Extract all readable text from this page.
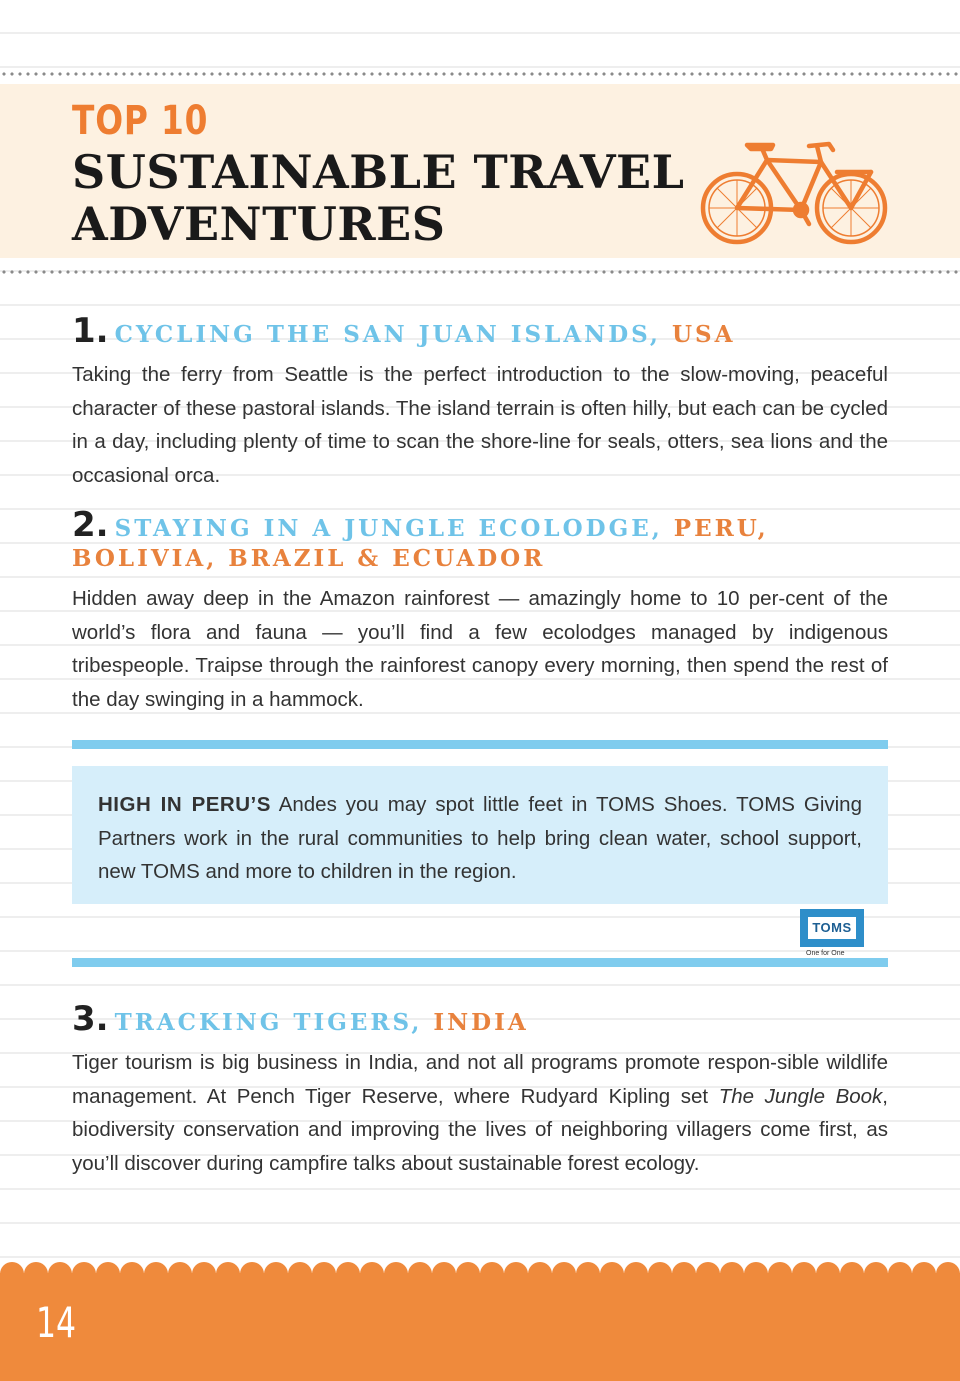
TOP 10
SUSTAINABLE TRAVEL
ADVENTURES
1. CYCLING THE SAN JUAN ISLANDS, USA

Taking the ferry from Seattle is the perfect introduction to the slow-moving, peaceful character of these pastoral islands. The island terrain is often hilly, but each can be cycled in a day, including plenty of time to scan the shore-line for seals, otters, sea lions and the occasional orca.

2. STAYING IN A JUNGLE ECOLODGE, PERU, BOLIVIA, BRAZIL & ECUADOR

Hidden away deep in the Amazon rainforest — amazingly home to 10 per-cent of the world’s flora and fauna — you’ll find a few ecolodges managed by indigenous tribespeople. Traipse through the rainforest canopy every morning, then spend the rest of the day swinging in a hammock.

HIGH IN PERU’S Andes you may spot little feet in TOMS Shoes. TOMS Giving Partners work in the rural communities to help bring clean water, school support, new TOMS and more to children in the region.

TOMS
One for One
3. TRACKING TIGERS, INDIA

Tiger tourism is big business in India, and not all programs promote respon-sible wildlife management. At Pench Tiger Reserve, where Rudyard Kipling set The Jungle Book, biodiversity conservation and improving the lives of neighboring villagers come first, as you’ll discover during campfire talks about sustainable forest ecology.

14
